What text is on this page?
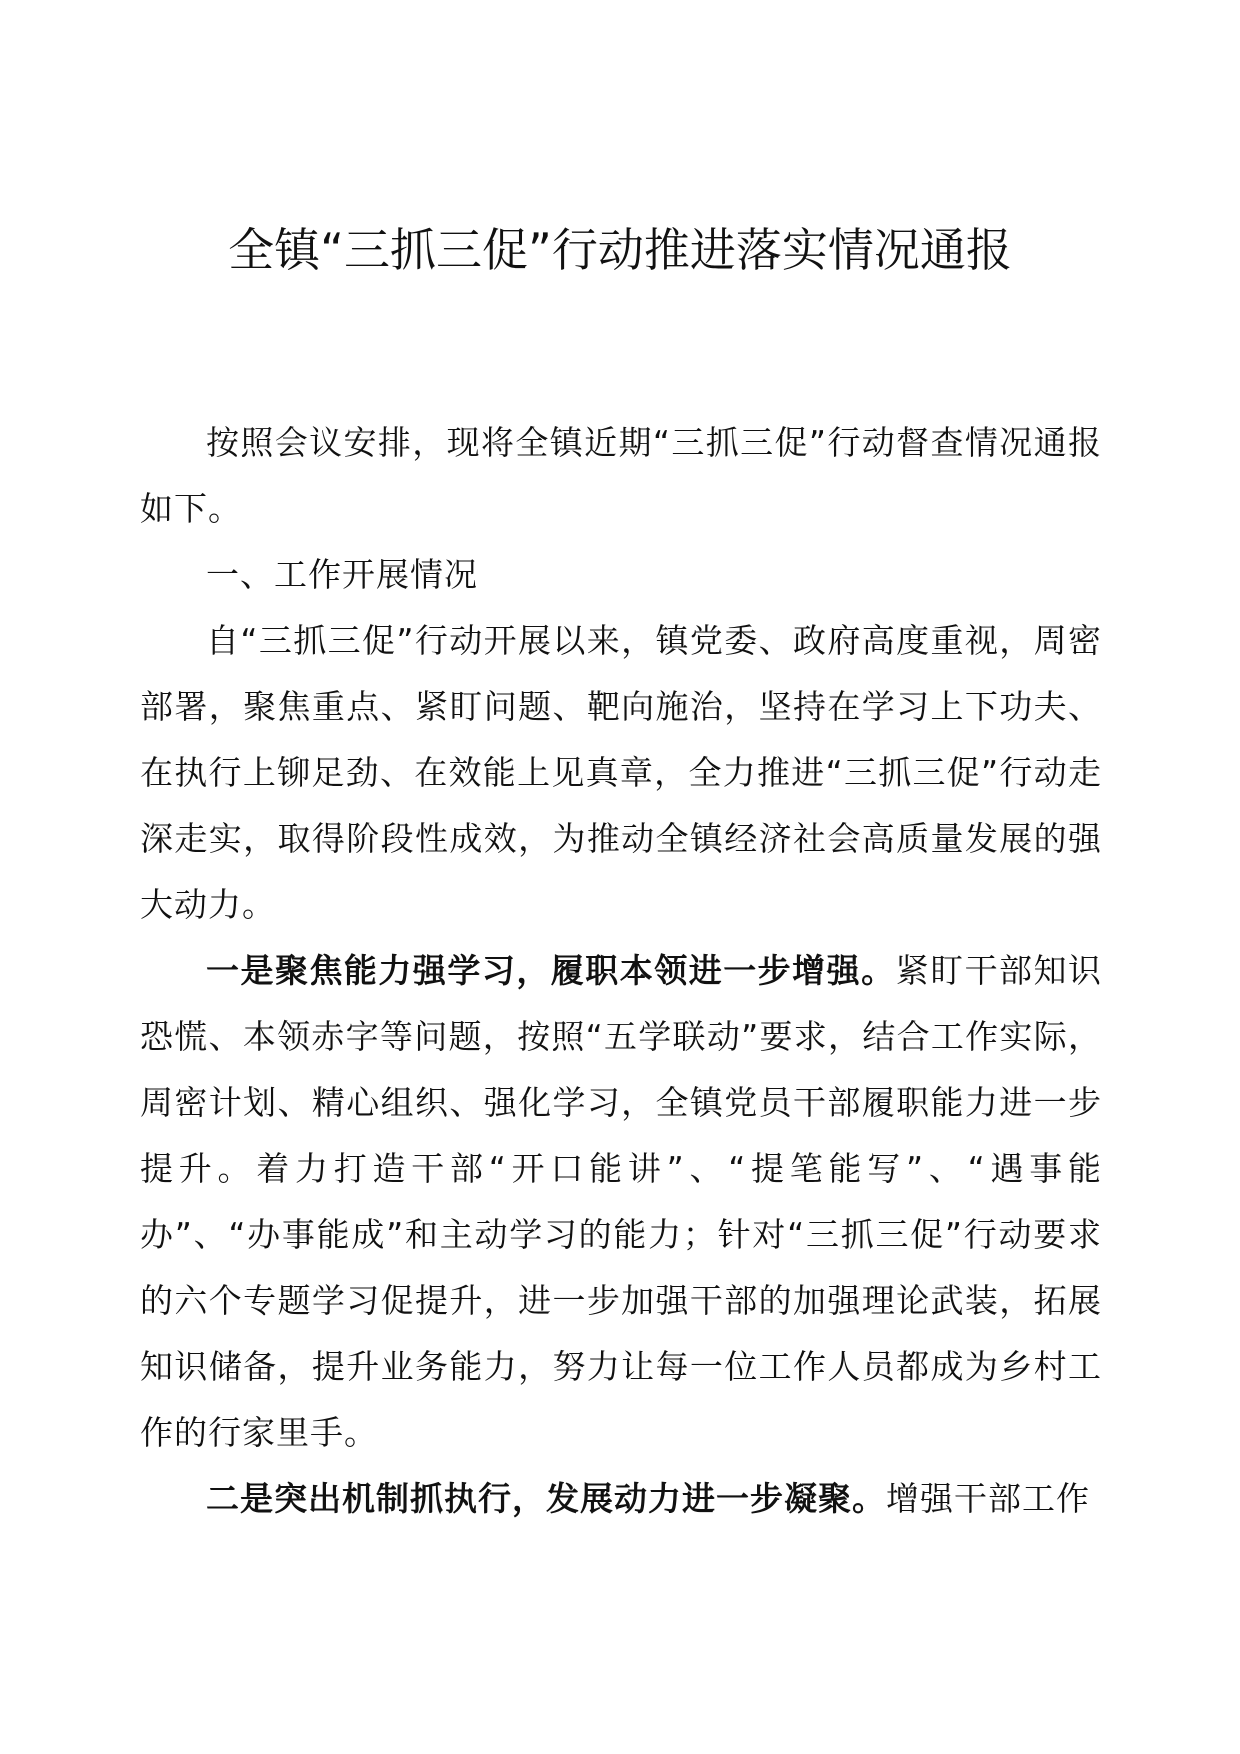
全镇“三抓三促”行动推进落实情况通报

按照会议安排，现将全镇近期“三抓三促”行动督查情况通报如下。

一、工作开展情况

自“三抓三促”行动开展以来，镇党委、政府高度重视，周密部署，聚焦重点、紧盯问题、靶向施治，坚持在学习上下功夫、在执行上铆足劲、在效能上见真章，全力推进“三抓三促”行动走深走实，取得阶段性成效，为推动全镇经济社会高质量发展的强大动力。

一是聚焦能力强学习，履职本领进一步增强。紧盯干部知识恐慌、本领赤字等问题，按照“五学联动”要求，结合工作实际，周密计划、精心组织、强化学习，全镇党员干部履职能力进一步提升。着力打造干部“开口能讲”、“提笔能写”、“遇事能办”、“办事能成”和主动学习的能力；针对“三抓三促”行动要求的六个专题学习促提升，进一步加强干部的加强理论武装，拓展知识储备，提升业务能力，努力让每一位工作人员都成为乡村工作的行家里手。

二是突出机制抓执行，发展动力进一步凝聚。增强干部工作
